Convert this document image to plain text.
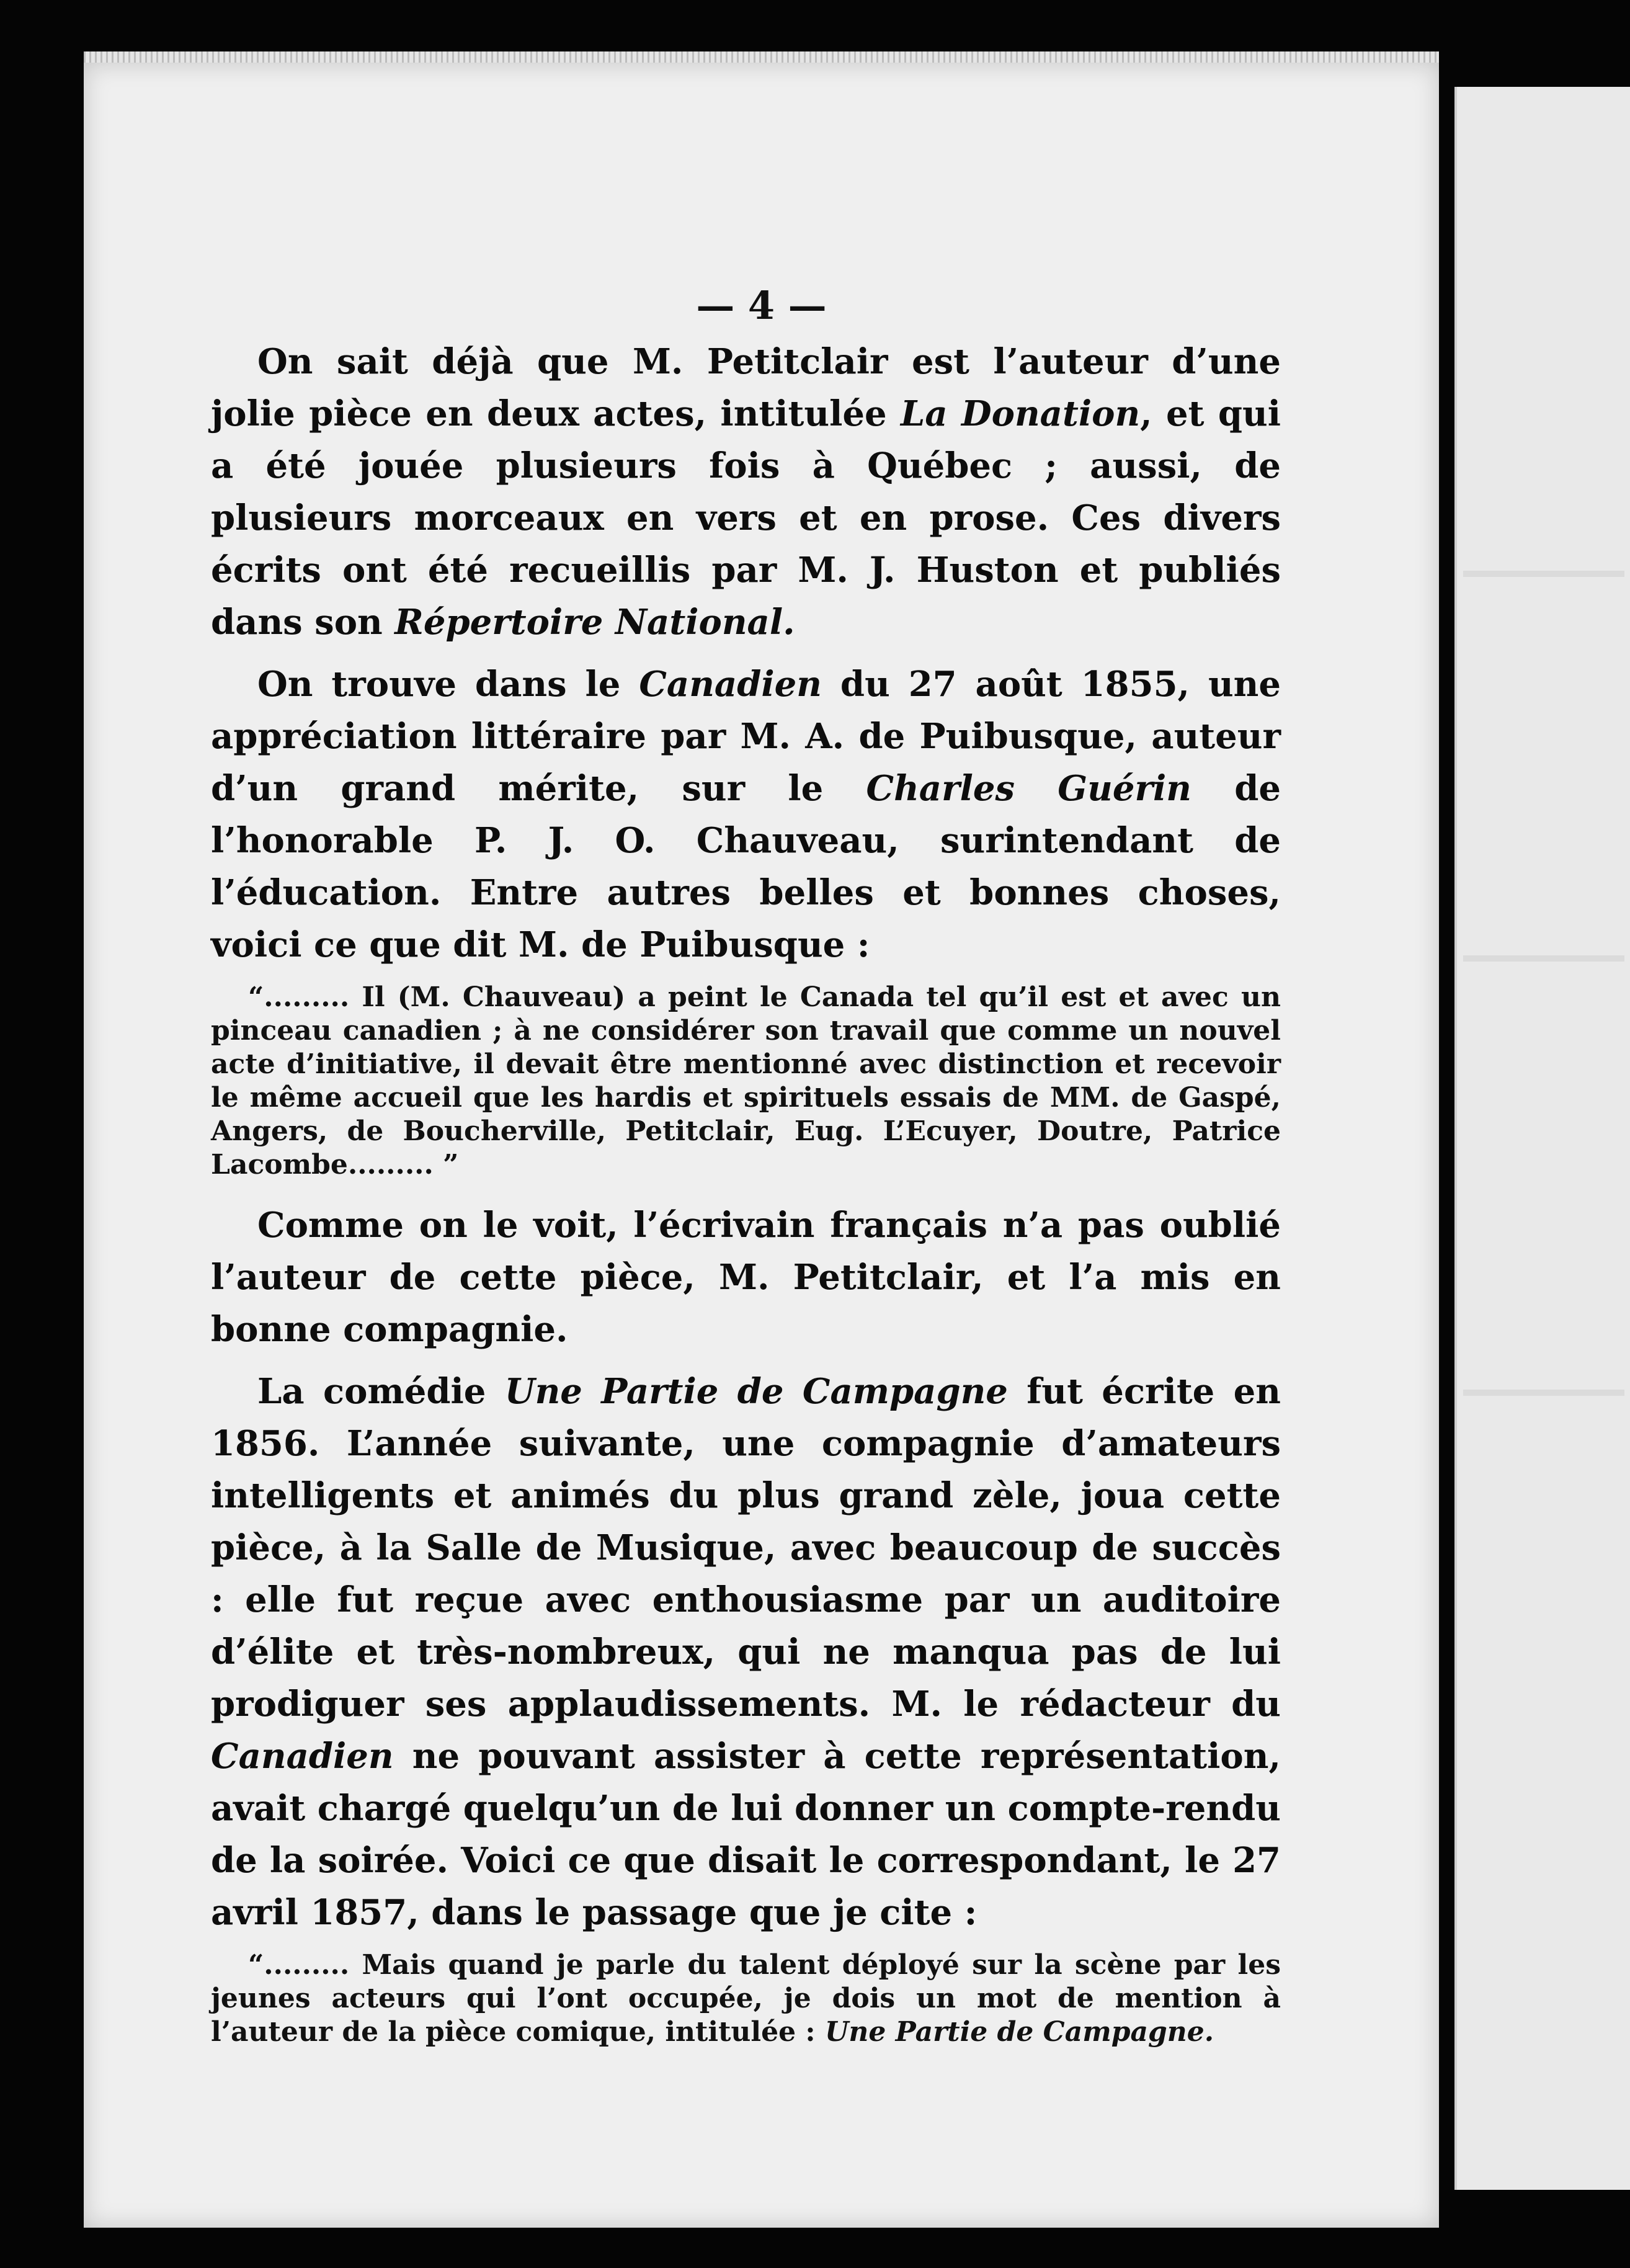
— 4 —

On sait déjà que M. Petitclair est l’auteur d’une jolie pièce en deux actes, intitulée La Donation, et qui a été jouée plusieurs fois à Québec ; aussi, de plusieurs morceaux en vers et en prose. Ces divers écrits ont été recueillis par M. J. Huston et publiés dans son Répertoire National.

On trouve dans le Canadien du 27 août 1855, une appréciation littéraire par M. A. de Puibusque, auteur d’un grand mérite, sur le Charles Guérin de l’honorable P. J. O. Chauveau, surintendant de l’éducation. Entre autres belles et bonnes choses, voici ce que dit M. de Puibusque :

“......... Il (M. Chauveau) a peint le Canada tel qu’il est et avec un pinceau canadien ; à ne considérer son travail que comme un nouvel acte d’initiative, il devait être mentionné avec distinction et recevoir le même accueil que les hardis et spirituels essais de MM. de Gaspé, Angers, de Boucherville, Petitclair, Eug. L’Ecuyer, Doutre, Patrice Lacombe......... ”

Comme on le voit, l’écrivain français n’a pas oublié l’auteur de cette pièce, M. Petitclair, et l’a mis en bonne compagnie.

La comédie Une Partie de Campagne fut écrite en 1856. L’année suivante, une compagnie d’amateurs intelligents et animés du plus grand zèle, joua cette pièce, à la Salle de Musique, avec beaucoup de succès : elle fut reçue avec enthousiasme par un auditoire d’élite et très-nombreux, qui ne manqua pas de lui prodiguer ses applaudissements. M. le rédacteur du Canadien ne pouvant assister à cette représentation, avait chargé quelqu’un de lui donner un compte-rendu de la soirée. Voici ce que disait le correspondant, le 27 avril 1857, dans le passage que je cite :

“......... Mais quand je parle du talent déployé sur la scène par les jeunes acteurs qui l’ont occupée, je dois un mot de mention à l’auteur de la pièce comique, intitulée : Une Partie de Campagne.
